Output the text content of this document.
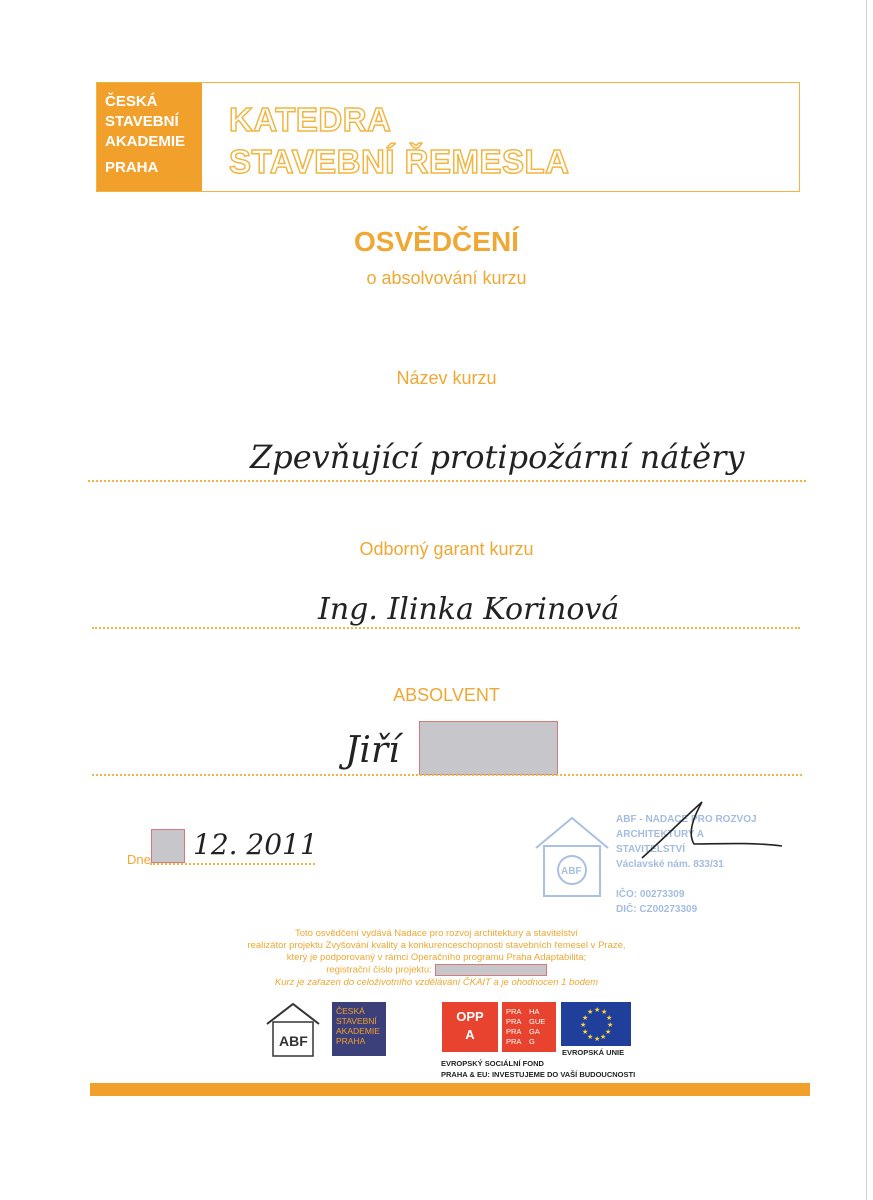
ČESKÁ
STAVEBNÍ
AKADEMIE
PRAHA
KATEDRA
STAVEBNÍ ŘEMESLA
OSVĚDČENÍ
o absolvování kurzu
Název kurzu
Zpevňující protipožární nátěry
Odborný garant kurzu
Ing. Ilinka Korinová
ABSOLVENT
Jiří
Dne 12. 2011
ABF
ABF - NADACE PRO ROZVOJ
ARCHITEKTURY A STAVITELSTVÍ
Václavské nám. 833/31

IČO: 00273309
DIČ: CZ00273309
Toto osvědčení vydává Nadace pro rozvoj architektury a stavitelství
realizátor projektu Zvyšování kvality a konkurenceschopnosti stavebních řemesel v Praze,
který je podporovaný v rámci Operačního programu Praha Adaptabilita;
registrační číslo projektu:
Kurz je zařazen do celoživotního vzdělávání ČKAIT a je ohodnocen 1 bodem
ABF
ČESKÁ
STAVEBNÍ
AKADEMIE
PRAHA
OPP
A
PRA	HA
PRA	GUE
PRA	GA
PRA	G
★ ★
★
★
★
★
★
★
★
★
★
★
EVROPSKÁ UNIE
EVROPSKÝ SOCIÁLNÍ FOND
PRAHA & EU: INVESTUJEME DO VAŠÍ BUDOUCNOSTI
